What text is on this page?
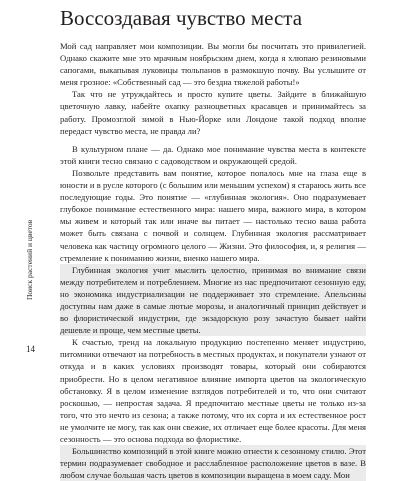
Воссоздавая чувство места

Мой сад направляет мои композиции. Вы могли бы посчитать это привилегией. Однако скажите мне это мрачным ноябрьским днем, когда я хлюпаю резиновыми сапогами, выкапывая луковицы тюльпанов в размокшую почву. Вы услышите от меня грозное: «Собственный сад — это бездна тяжелой работы!»

Так что не утруждайтесь и просто купите цветы. Зайдите в ближайшую цветочную лавку, набейте охапку разноцветных красавцев и принимайтесь за работу. Промозглой зимой в Нью-Йорке или Лондоне такой подход вполне передаст чувство места, не правда ли?

В культурном плане — да. Однако мое понимание чувства места в контексте этой книги тесно связано с садоводством и окружающей средой.

Позвольте представить вам понятие, которое попалось мне на глаза еще в юности и в русле которого (с большим или меньшим успехом) я стараюсь жить все последующие годы. Это понятие — «глубинная экология». Оно подразумевает глубокое понимание естественного мира: нашего мира, важного мира, в котором мы живем и который так или иначе вы питает — настолько тесно ваша работа может быть связана с почвой и солнцем. Глубинная экология рассматривает человека как частицу огромного целого — Жизни. Это философия, и, я религия — стремление к пониманию жизни, вненко нашего мира.

Глубинная экология учит мыслить целостно, принимая во внимание связи между потребителем и потреблением. Многие из нас предпочитают сезонную еду, но экономика индустриализации не поддерживает это стремление. Апельсины доступны нам даже в самые лютые морозы, и аналогичный принцип действует и во флористической индустрии, где экзадорскую розу зачастую бывает найти дешевле и проще, чем местные цветы.

К счастью, тренд на локальную продукцию постепенно меняет индустрию, питомники отвечают на потребность в местных продуктах, и покупатели узнают от откуда и в каких условиях производят товары, который они собираются приобрести. Но в целом негативное влияние импорта цветов на экологическую обстановку. Я в целом изменение взглядов потребителей и то, что они считают роскошью, — непростая задача. Я предпочитаю местные цветы не только из-за того, что это нечто из сезона; а также потому, что их сорта и их естественное рост не умолчите не могу, так как они свежие, их отличает еще более красоты. Для меня сезонность — это основа подхода во флористике.

Большинство композиций в этой книге можно отнести к сезонному стилю. Этот термин подразумевает свободное и расслабленное расположение цветов в вазе. В любом случае большая часть цветов в композиции выращена в моем саду. Мои

Поиск растений и цветов
14
